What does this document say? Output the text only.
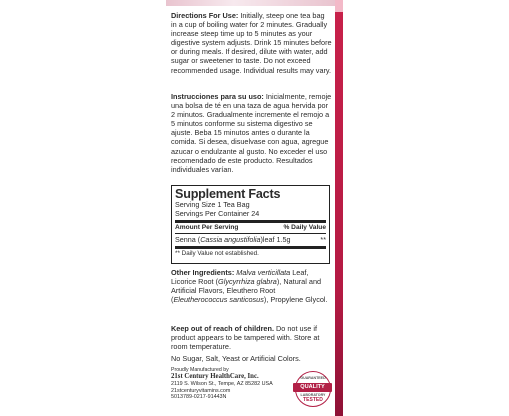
Directions For Use: Initially, steep one tea bag in a cup of boiling water for 2 minutes. Gradually increase steep time up to 5 minutes as your digestive system adjusts. Drink 15 minutes before or during meals. If desired, dilute with water, add sugar or sweetener to taste. Do not exceed recommended usage. Individual results may vary.
Instrucciones para su uso: Inicialmente, remoje una bolsa de té en una taza de agua hervida por 2 minutos. Gradualmente incremente el remojo a 5 minutos conforme su sistema digestivo se ajuste. Beba 15 minutos antes o durante la comida. Si desea, disuelvase con agua, agregue azucar o endulzante al gusto. No exceder el uso recomendado de este producto. Resultados individuales varían.
Supplement Facts
Serving Size 1 Tea Bag
Servings Per Container 24
Amount Per Serving	% Daily Value
Senna (Cassia angustifolia)leaf 1.5g	**
** Daily Value not established.
Other Ingredients: Malva verticillata Leaf, Licorice Root (Glycyrrhiza glabra), Natural and Artificial Flavors, Eleuthero Root (Eleutherococcus santicosus), Propylene Glycol.
Keep out of reach of children. Do not use if product appears to be tampered with. Store at room temperature.
No Sugar, Salt, Yeast or Artificial Colors.
Proudly Manufactured by
21st Century HealthCare, Inc.
2119 S. Wilson St., Tempe, AZ 85282 USA
21stcenturyvitamins.com
5013789-0217-91443N
GUARANTEED
QUALITY
LABORATORY
TESTED
